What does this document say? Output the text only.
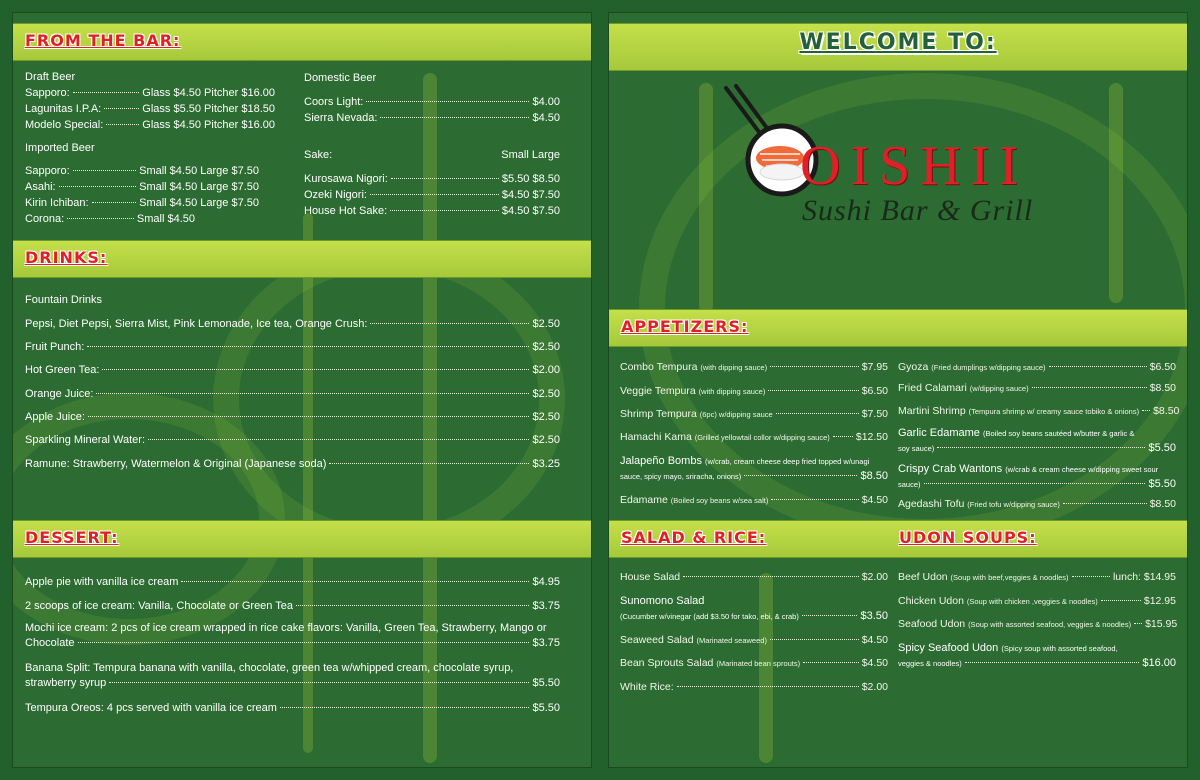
FROM THE BAR:
Draft Beer
Sapporo:	Glass $4.50 Pitcher $16.00
Lagunitas I.P.A:	Glass $5.50 Pitcher $18.50
Modelo Special:	Glass $4.50 Pitcher $16.00
Imported Beer
Sapporo:	Small $4.50 Large $7.50
Asahi:	Small $4.50 Large $7.50
Kirin Ichiban:	Small $4.50 Large $7.50
Corona:	Small $4.50
Domestic Beer
Coors Light:	$4.00
Sierra Nevada:	$4.50
Sake:	Small Large
Kurosawa Nigori:	$5.50 $8.50
Ozeki Nigori:	$4.50 $7.50
House Hot Sake:	$4.50 $7.50
DRINKS:
Fountain Drinks
Pepsi, Diet Pepsi, Sierra Mist, Pink Lemonade, Ice tea, Orange Crush:	$2.50
Fruit Punch:	$2.50
Hot Green Tea:	$2.00
Orange Juice:	$2.50
Apple Juice:	$2.50
Sparkling Mineral Water:	$2.50
Ramune: Strawberry, Watermelon & Original (Japanese soda)	$3.25
DESSERT:
Apple pie with vanilla ice cream	$4.95
2 scoops of ice cream: Vanilla, Chocolate or Green Tea	$3.75
Mochi ice cream: 2 pcs of ice cream wrapped in rice cake flavors: Vanilla, Green Tea, Strawberry, Mango or
Chocolate	$3.75
Banana Split: Tempura banana with vanilla, chocolate, green tea w/whipped cream, chocolate syrup,
strawberry syrup	$5.50
Tempura Oreos: 4 pcs served with vanilla ice cream	$5.50
WELCOME TO:
APPETIZERS:
SALAD & RICE:	UDON SOUPS:
OISHII
Sushi Bar & Grill
Combo Tempura
(with dipping sauce)	$7.95
Veggie Tempura
(with dipping sauce)	$6.50
Shrimp Tempura
(6pc) w/dipping sauce	$7.50
Hamachi Kama
(Grilled yellowtail collor w/dipping sauce) $12.50
Jalapeño Bombs
(w/crab, cream cheese deep fried topped w/unagi
sauce, spicy mayo, sriracha, onions)	$8.50
Edamame
(Boiled soy beans w/sea salt)	$4.50
Gyoza
(Fried dumplings w/dipping sauce)	$6.50
Fried Calamari
(w/dipping sauce)	$8.50
Martini Shrimp
(Tempura shrimp w/ creamy sauce tobiko & onions) $8.50
Garlic Edamame
(Boiled soy beans sautéed w/butter & garlic &
soy sauce)	$5.50
Crispy Crab Wantons
(w/crab & cream cheese w/dipping sweet sour
sauce)	$5.50
Agedashi Tofu
(Fried tofu w/dipping sauce)	$8.50
House Salad	$2.00
Sunomono Salad
(Cucumber w/vinegar (add $3.50 for tako, ebi, & crab)	$3.50
Seaweed Salad
(Marinated seaweed)	$4.50
Bean Sprouts Salad
(Marinated bean sprouts)	$4.50
White Rice:	$2.00
Beef Udon
(Soup with beef,veggies & noodles)	lunch: $14.95
Chicken Udon
(Soup with chicken ,veggies & noodles)	$12.95
Seafood Udon
(Soup with assorted seafood, veggies & noodles) $15.95
Spicy Seafood Udon
(Spicy soup with assorted seafood,
veggies & noodles)	$16.00
